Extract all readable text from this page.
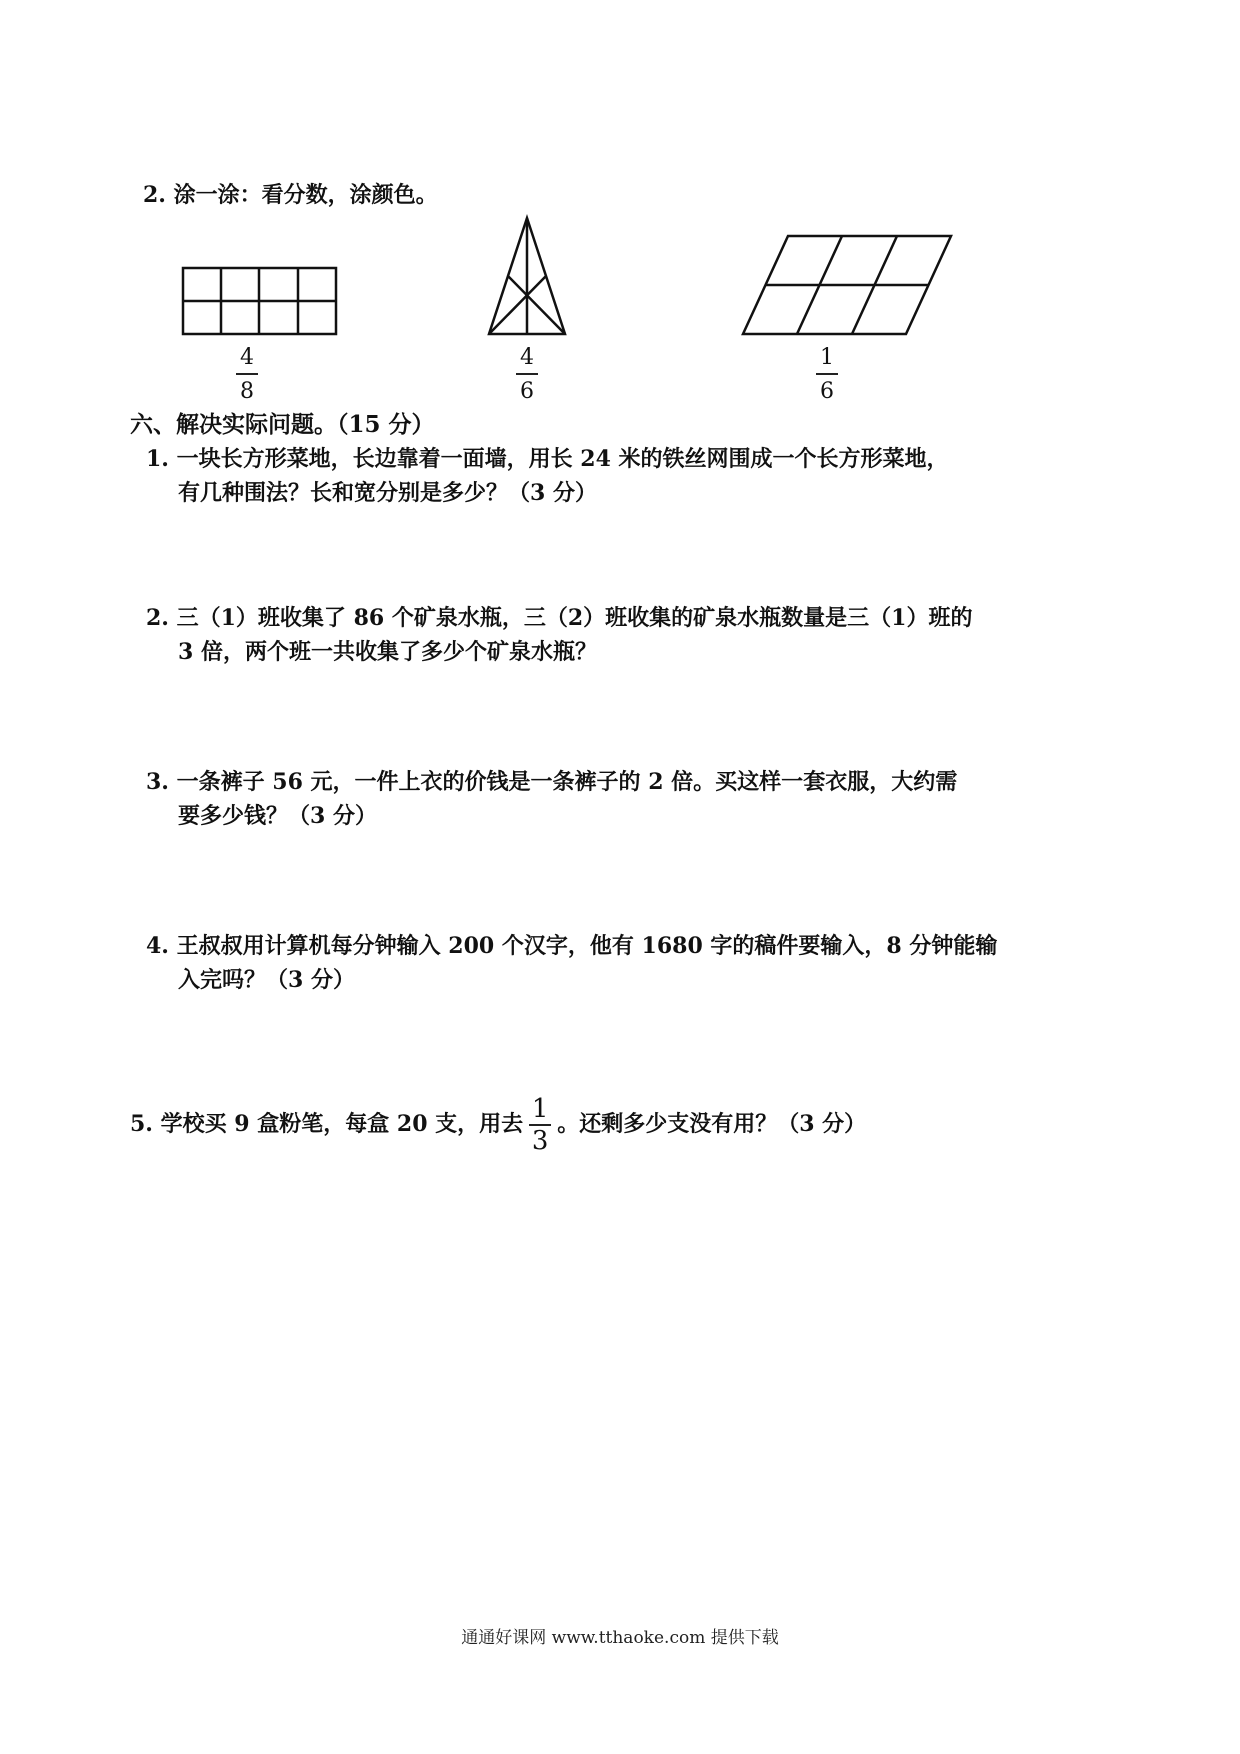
2. 涂一涂：看分数，涂颜色。
4
8
4
6
1
6
六、解决实际问题。（15 分）
1. 一块长方形菜地，长边靠着一面墙，用长 24 米的铁丝网围成一个长方形菜地，
有几种围法？长和宽分别是多少？（3 分）
2. 三（1）班收集了 86 个矿泉水瓶，三（2）班收集的矿泉水瓶数量是三（1）班的
3 倍，两个班一共收集了多少个矿泉水瓶？
3. 一条裤子 56 元，一件上衣的价钱是一条裤子的 2 倍。买这样一套衣服，大约需
要多少钱？（3 分）
4. 王叔叔用计算机每分钟输入 200 个汉字，他有 1680 字的稿件要输入，8 分钟能输
入完吗？（3 分）
5. 学校买 9 盒粉笔，每盒 20 支，用去 $\frac{1}{3}$ 。还剩多少支没有用？（3 分）
通通好课网 www.tthaoke.com 提供下载
